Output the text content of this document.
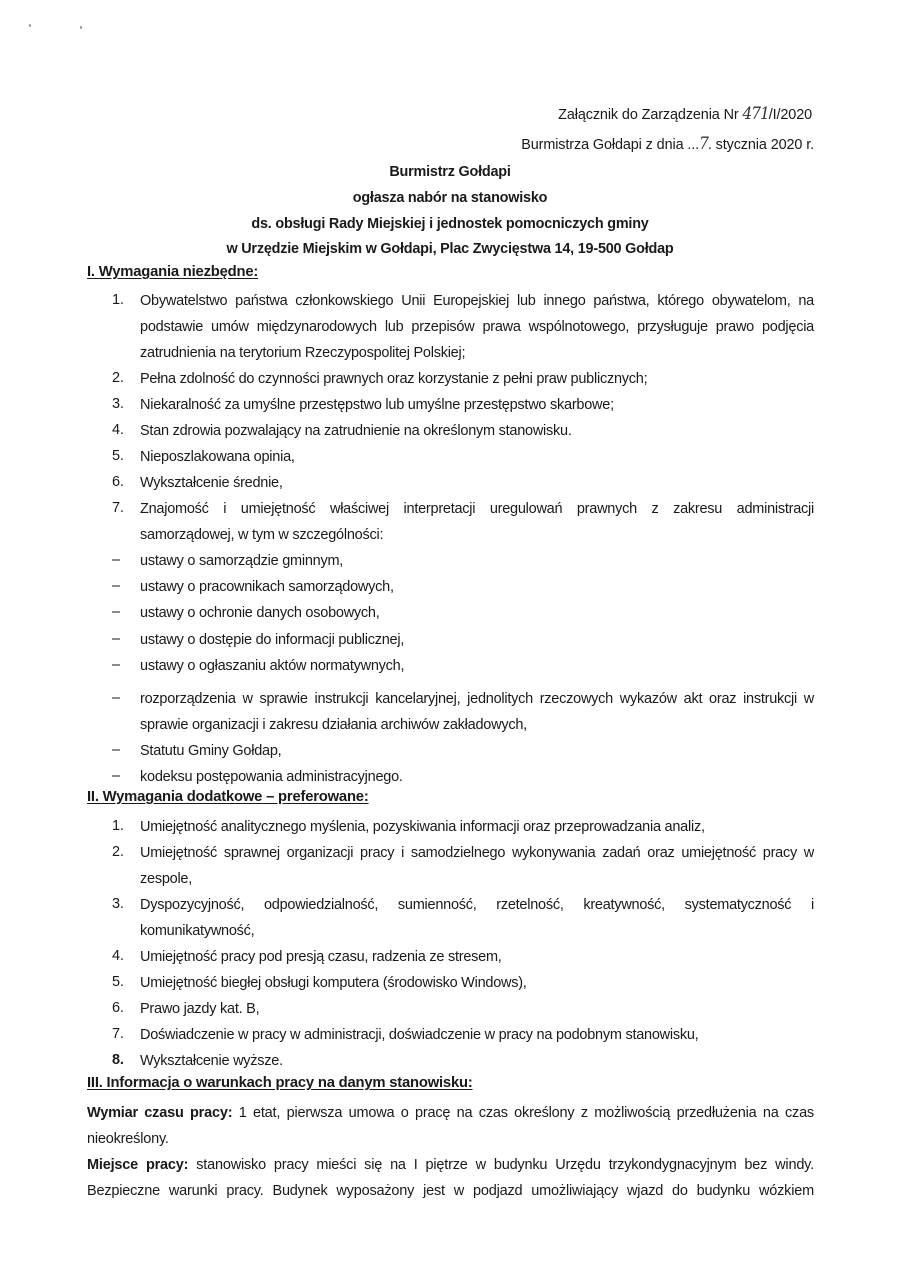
Załącznik do Zarządzenia Nr 471/I/2020
Burmistrza Gołdapi z dnia ...7. stycznia 2020 r.
Burmistrz Gołdapi
ogłasza nabór na stanowisko
ds. obsługi Rady Miejskiej i jednostek pomocniczych gminy
w Urzędzie Miejskim w Gołdapi, Plac Zwycięstwa 14, 19-500 Gołdap
I. Wymagania niezbędne:
1.	Obywatelstwo państwa członkowskiego Unii Europejskiej lub innego państwa, którego obywatelom, na podstawie umów międzynarodowych lub przepisów prawa wspólnotowego, przysługuje prawo podjęcia zatrudnienia na terytorium Rzeczypospolitej Polskiej;
2.	Pełna zdolność do czynności prawnych oraz korzystanie z pełni praw publicznych;
3.	Niekaralność za umyślne przestępstwo lub umyślne przestępstwo skarbowe;
4.	Stan zdrowia pozwalający na zatrudnienie na określonym stanowisku.
5.	Nieposzlakowana opinia,
6.	Wykształcenie średnie,
7.	Znajomość i umiejętność właściwej interpretacji uregulowań prawnych z zakresu administracji samorządowej, w tym w szczególności:
–	ustawy o samorządzie gminnym,
–	ustawy o pracownikach samorządowych,
–	ustawy o ochronie danych osobowych,
–	ustawy o dostępie do informacji publicznej,
–	ustawy o ogłaszaniu aktów normatywnych,
–	rozporządzenia w sprawie instrukcji kancelaryjnej, jednolitych rzeczowych wykazów akt oraz instrukcji w sprawie organizacji i zakresu działania archiwów zakładowych,
–	Statutu Gminy Gołdap,
–	kodeksu postępowania administracyjnego.
II. Wymagania dodatkowe – preferowane:
1.	Umiejętność analitycznego myślenia, pozyskiwania informacji oraz przeprowadzania analiz,
2.	Umiejętność sprawnej organizacji pracy i samodzielnego wykonywania zadań oraz umiejętność pracy w zespole,
3.	Dyspozycyjność, odpowiedzialność, sumienność, rzetelność, kreatywność, systematyczność i komunikatywność,
4.	Umiejętność pracy pod presją czasu, radzenia ze stresem,
5.	Umiejętność biegłej obsługi komputera (środowisko Windows),
6.	Prawo jazdy kat. B,
7.	Doświadczenie w pracy w administracji, doświadczenie w pracy na podobnym stanowisku,
8.	Wykształcenie wyższe.
III. Informacja o warunkach pracy na danym stanowisku:
Wymiar czasu pracy: 1 etat, pierwsza umowa o pracę na czas określony z możliwością przedłużenia na czas nieokreślony.
Miejsce pracy: stanowisko pracy mieści się na I piętrze w budynku Urzędu trzykondygnacyjnym bez windy. Bezpieczne warunki pracy. Budynek wyposażony jest w podjazd umożliwiający wjazd do budynku wózkiem
